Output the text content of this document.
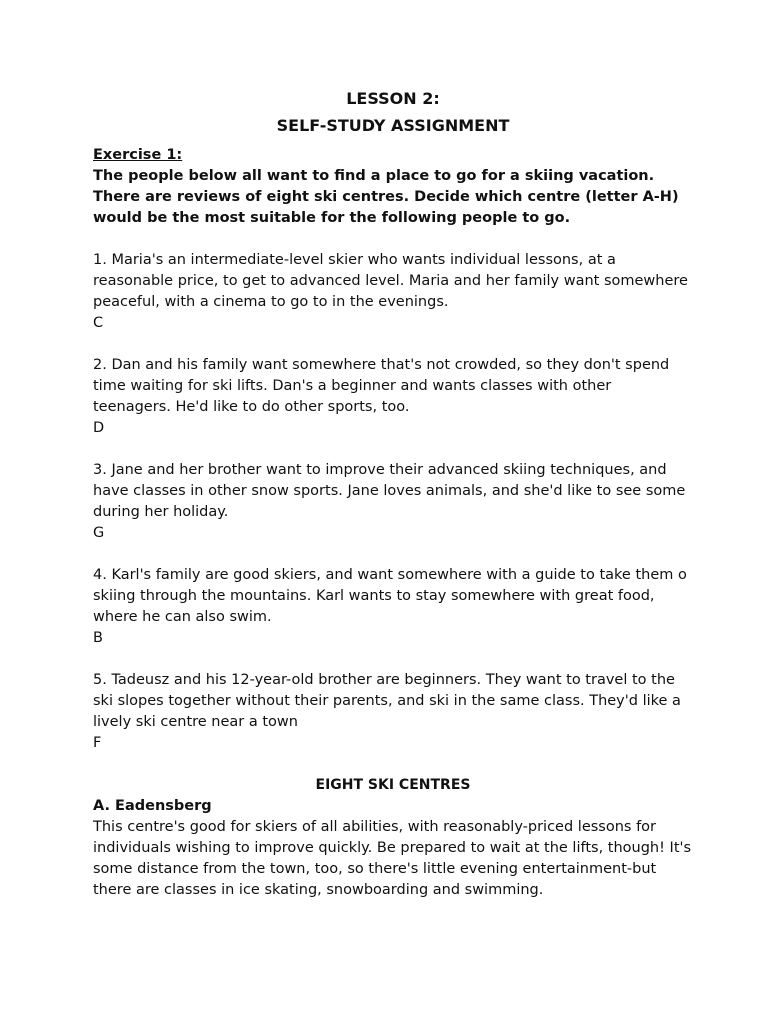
LESSON 2:
SELF-STUDY ASSIGNMENT

Exercise 1:

The people below all want to find a place to go for a skiing vacation. There are reviews of eight ski centres. Decide which centre (letter A-H) would be the most suitable for the following people to go.

1. Maria's an intermediate-level skier who wants individual lessons, at a reasonable price, to get to advanced level. Maria and her family want somewhere peaceful, with a cinema to go to in the evenings.
C
2. Dan and his family want somewhere that's not crowded, so they don't spend time waiting for ski lifts. Dan's a beginner and wants classes with other teenagers. He'd like to do other sports, too.
D
3. Jane and her brother want to improve their advanced skiing techniques, and have classes in other snow sports. Jane loves animals, and she'd like to see some during her holiday.
G
4. Karl's family are good skiers, and want somewhere with a guide to take them o skiing through the mountains. Karl wants to stay somewhere with great food, where he can also swim.
B
5. Tadeusz and his 12-year-old brother are beginners. They want to travel to the ski slopes together without their parents, and ski in the same class. They'd like a lively ski centre near a town
F
EIGHT SKI CENTRES

A. Eadensberg

This centre's good for skiers of all abilities, with reasonably-priced lessons for individuals wishing to improve quickly. Be prepared to wait at the lifts, though! It's some distance from the town, too, so there's little evening entertainment-but there are classes in ice skating, snowboarding and swimming.
